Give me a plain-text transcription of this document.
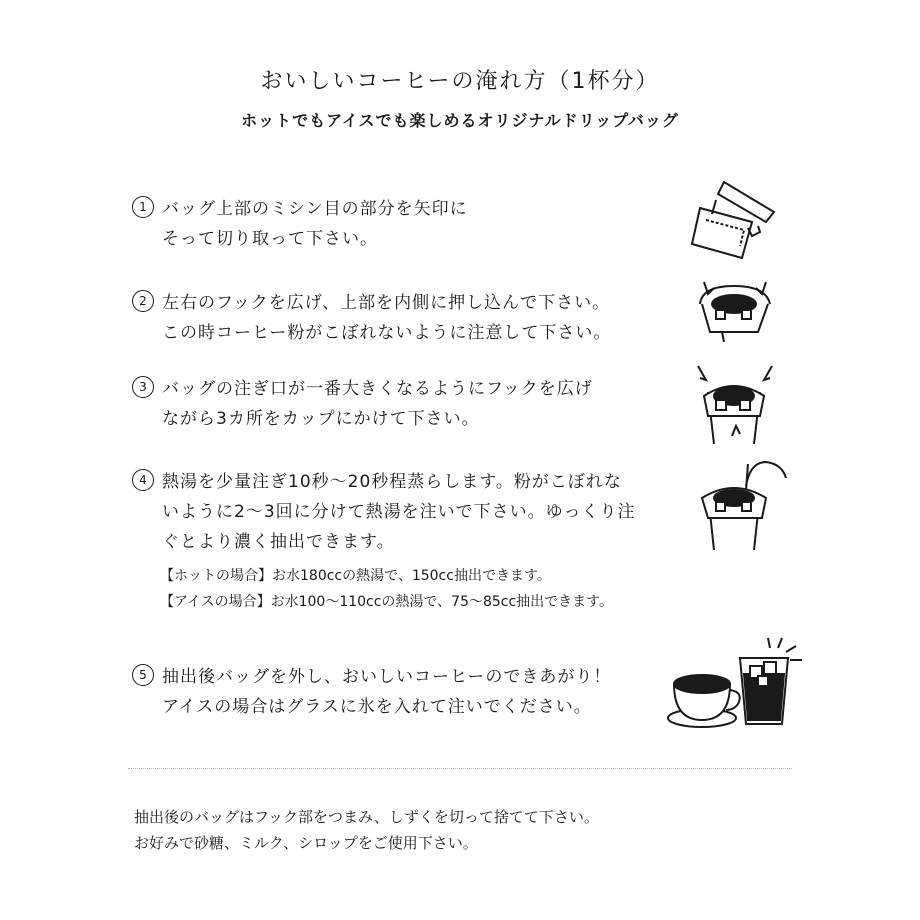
おいしいコーヒーの淹れ方（1杯分）
ホットでもアイスでも楽しめるオリジナルドリップバッグ
1 バッグ上部のミシン目の部分を矢印に
そって切り取って下さい。
2 左右のフックを広げ、上部を内側に押し込んで下さい。
この時コーヒー粉がこぼれないように注意して下さい。
3 バッグの注ぎ口が一番大きくなるようにフックを広げ
ながら3カ所をカップにかけて下さい。
4 熱湯を少量注ぎ10秒～20秒程蒸らします。粉がこぼれな
いように2～3回に分けて熱湯を注いで下さい。ゆっくり注
ぐとより濃く抽出できます。
【ホットの場合】お水180ccの熱湯で、150cc抽出できます。
【アイスの場合】お水100～110ccの熱湯で、75～85cc抽出できます。
5 抽出後バッグを外し、おいしいコーヒーのできあがり！
アイスの場合はグラスに氷を入れて注いでください。
抽出後のバッグはフック部をつまみ、しずくを切って捨てて下さい。
お好みで砂糖、ミルク、シロップをご使用下さい。
